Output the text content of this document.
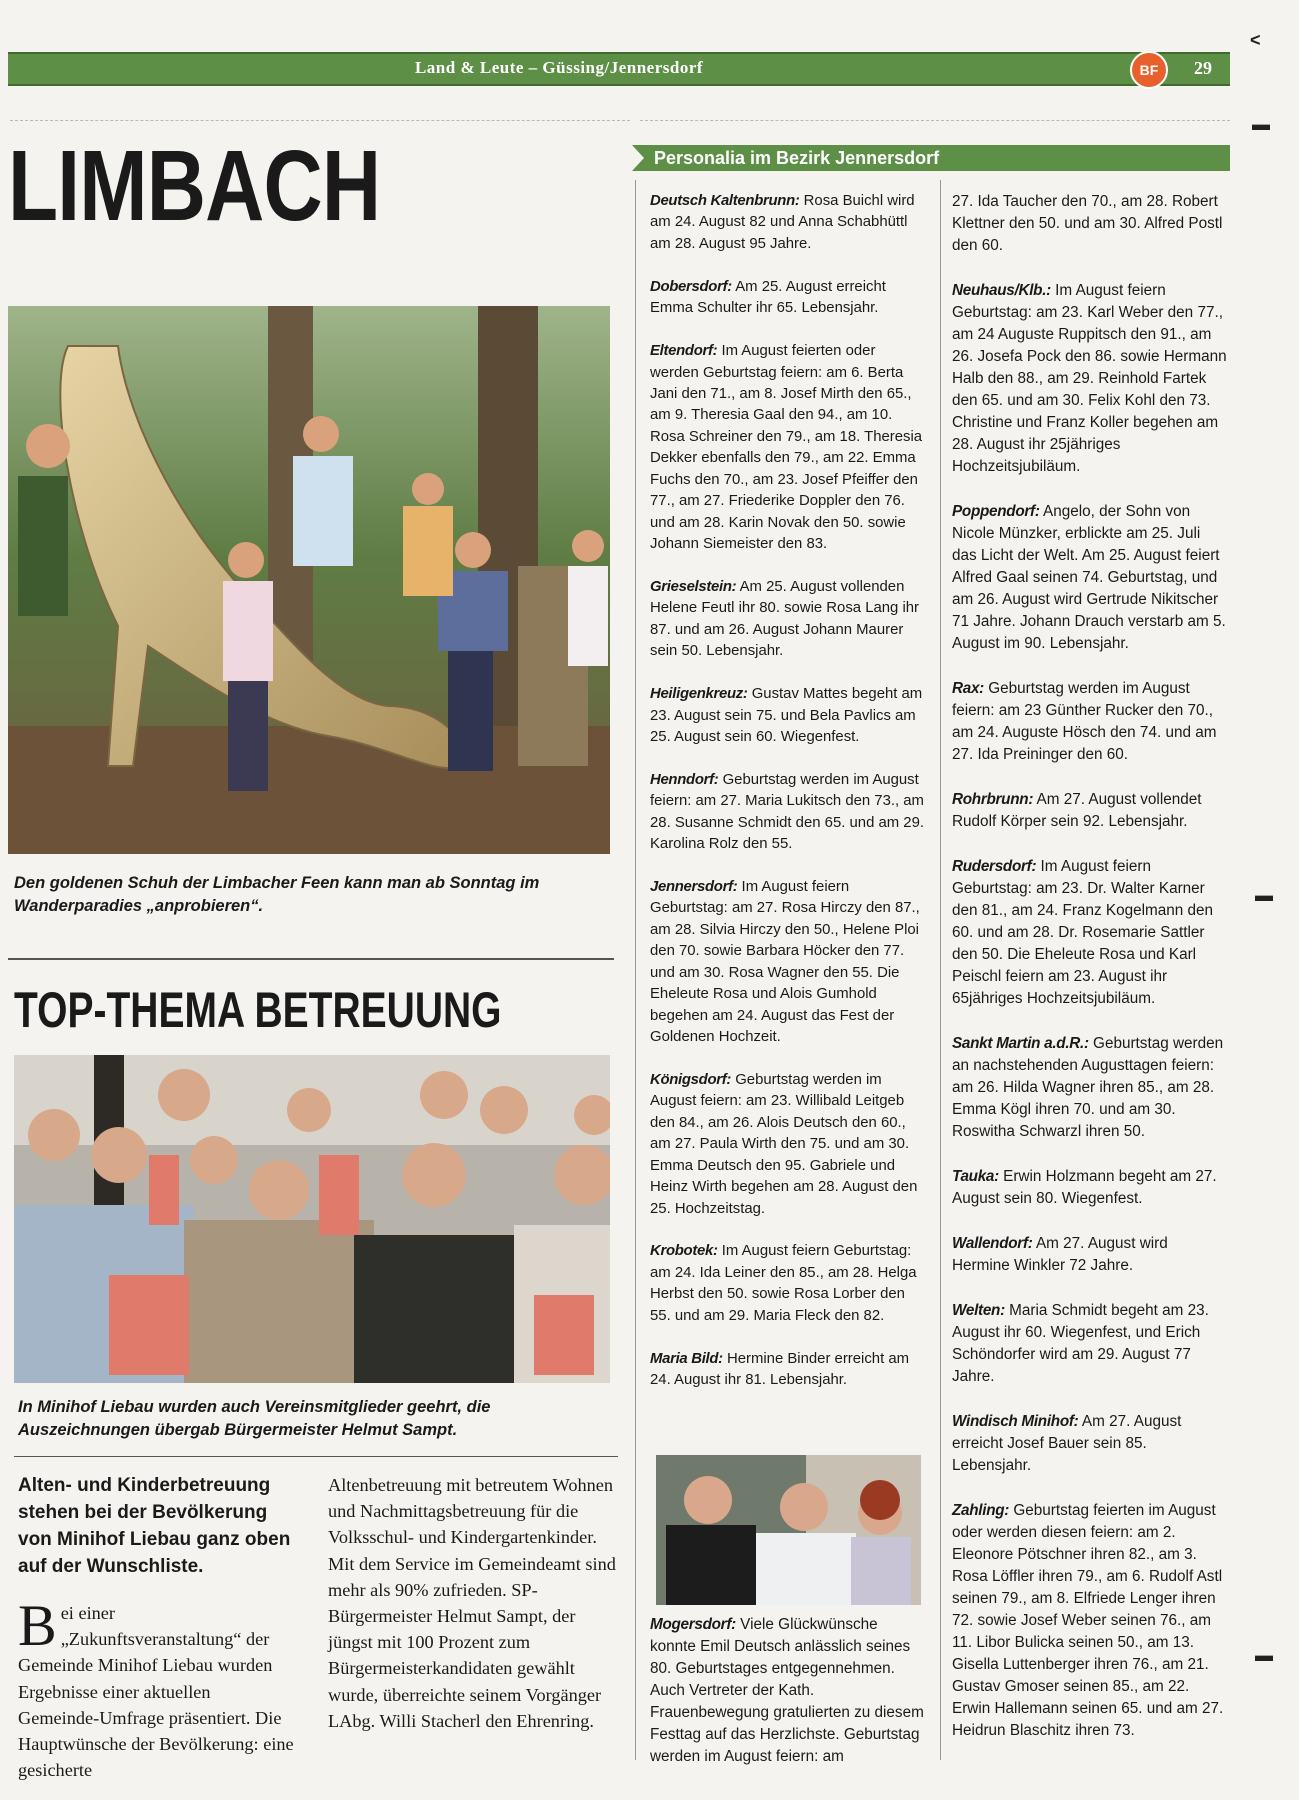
Land & Leute – Güssing/Jennersdorf	BF	29
LIMBACH
Den goldenen Schuh der Limbacher Feen kann man ab Sonntag im Wanderparadies „anprobieren“.
TOP-THEMA BETREUUNG
In Minihof Liebau wurden auch Vereinsmitglieder geehrt, die Auszeichnungen übergab Bürgermeister Helmut Sampt.
Alten- und Kinderbetreuung stehen bei der Bevölkerung von Minihof Liebau ganz oben auf der Wunschliste.
Bei einer „Zukunftsveranstaltung“ der Gemeinde Minihof Liebau wurden Ergebnisse einer aktuellen Gemeinde-Umfrage präsentiert. Die Hauptwünsche der Bevölkerung: eine gesicherte
Altenbetreuung mit betreutem Wohnen und Nachmittagsbetreuung für die Volksschul- und Kindergartenkinder. Mit dem Service im Gemeindeamt sind mehr als 90% zufrieden. SP-Bürgermeister Helmut Sampt, der jüngst mit 100 Prozent zum Bürgermeisterkandidaten gewählt wurde, überreichte seinem Vorgänger LAbg. Willi Stacherl den Ehrenring.
Personalia im Bezirk Jennersdorf

Deutsch Kaltenbrunn: Rosa Buichl wird am 24. August 82 und Anna Schabhüttl am 28. August 95 Jahre.

Dobersdorf: Am 25. August erreicht Emma Schulter ihr 65. Lebensjahr.

Eltendorf: Im August feierten oder werden Geburtstag feiern: am 6. Berta Jani den 71., am 8. Josef Mirth den 65., am 9. Theresia Gaal den 94., am 10. Rosa Schreiner den 79., am 18. Theresia Dekker ebenfalls den 79., am 22. Emma Fuchs den 70., am 23. Josef Pfeiffer den 77., am 27. Friederike Doppler den 76. und am 28. Karin Novak den 50. sowie Johann Siemeister den 83.

Grieselstein: Am 25. August vollenden Helene Feutl ihr 80. sowie Rosa Lang ihr 87. und am 26. August Johann Maurer sein 50. Lebensjahr.

Heiligenkreuz: Gustav Mattes begeht am 23. August sein 75. und Bela Pavlics am 25. August sein 60. Wiegenfest.

Henndorf: Geburtstag werden im August feiern: am 27. Maria Lukitsch den 73., am 28. Susanne Schmidt den 65. und am 29. Karolina Rolz den 55.

Jennersdorf: Im August feiern Geburtstag: am 27. Rosa Hirczy den 87., am 28. Silvia Hirczy den 50., Helene Ploi den 70. sowie Barbara Höcker den 77. und am 30. Rosa Wagner den 55. Die Eheleute Rosa und Alois Gumhold begehen am 24. August das Fest der Goldenen Hochzeit.

Königsdorf: Geburtstag werden im August feiern: am 23. Willibald Leitgeb den 84., am 26. Alois Deutsch den 60., am 27. Paula Wirth den 75. und am 30. Emma Deutsch den 95. Gabriele und Heinz Wirth begehen am 28. August den 25. Hochzeitstag.

Krobotek: Im August feiern Geburtstag: am 24. Ida Leiner den 85., am 28. Helga Herbst den 50. sowie Rosa Lorber den 55. und am 29. Maria Fleck den 82.

Maria Bild: Hermine Binder erreicht am 24. August ihr 81. Lebensjahr.

Mogersdorf: Viele Glückwünsche konnte Emil Deutsch anlässlich seines 80. Geburtstages entgegennehmen. Auch Vertreter der Kath. Frauenbewegung gratulierten zu diesem Festtag auf das Herzlichste. Geburtstag werden im August feiern: am

27. Ida Taucher den 70., am 28. Robert Klettner den 50. und am 30. Alfred Postl den 60.

Neuhaus/Klb.: Im August feiern Geburtstag: am 23. Karl Weber den 77., am 24 Auguste Ruppitsch den 91., am 26. Josefa Pock den 86. sowie Hermann Halb den 88., am 29. Reinhold Fartek den 65. und am 30. Felix Kohl den 73. Christine und Franz Koller begehen am 28. August ihr 25jähriges Hochzeitsjubiläum.

Poppendorf: Angelo, der Sohn von Nicole Münzker, erblickte am 25. Juli das Licht der Welt. Am 25. August feiert Alfred Gaal seinen 74. Geburtstag, und am 26. August wird Gertrude Nikitscher 71 Jahre. Johann Drauch verstarb am 5. August im 90. Lebensjahr.

Rax: Geburtstag werden im August feiern: am 23 Günther Rucker den 70., am 24. Auguste Hösch den 74. und am 27. Ida Preininger den 60.

Rohrbrunn: Am 27. August vollendet Rudolf Körper sein 92. Lebensjahr.

Rudersdorf: Im August feiern Geburtstag: am 23. Dr. Walter Karner den 81., am 24. Franz Kogelmann den 60. und am 28. Dr. Rosemarie Sattler den 50. Die Eheleute Rosa und Karl Peischl feiern am 23. August ihr 65jähriges Hochzeitsjubiläum.

Sankt Martin a.d.R.: Geburtstag werden an nachstehenden Augusttagen feiern: am 26. Hilda Wagner ihren 85., am 28. Emma Kögl ihren 70. und am 30. Roswitha Schwarzl ihren 50.

Tauka: Erwin Holzmann begeht am 27. August sein 80. Wiegenfest.

Wallendorf: Am 27. August wird Hermine Winkler 72 Jahre.

Welten: Maria Schmidt begeht am 23. August ihr 60. Wiegenfest, und Erich Schöndorfer wird am 29. August 77 Jahre.

Windisch Minihof: Am 27. August erreicht Josef Bauer sein 85. Lebensjahr.

Zahling: Geburtstag feierten im August oder werden diesen feiern: am 2. Eleonore Pötschner ihren 82., am 3. Rosa Löffler ihren 79., am 6. Rudolf Astl seinen 79., am 8. Elfriede Lenger ihren 72. sowie Josef Weber seinen 76., am 11. Libor Bulicka seinen 50., am 13. Gisella Luttenberger ihren 76., am 21. Gustav Gmoser seinen 85., am 22. Erwin Hallemann seinen 65. und am 27. Heidrun Blaschitz ihren 73.

˂
▬
▬
▬
